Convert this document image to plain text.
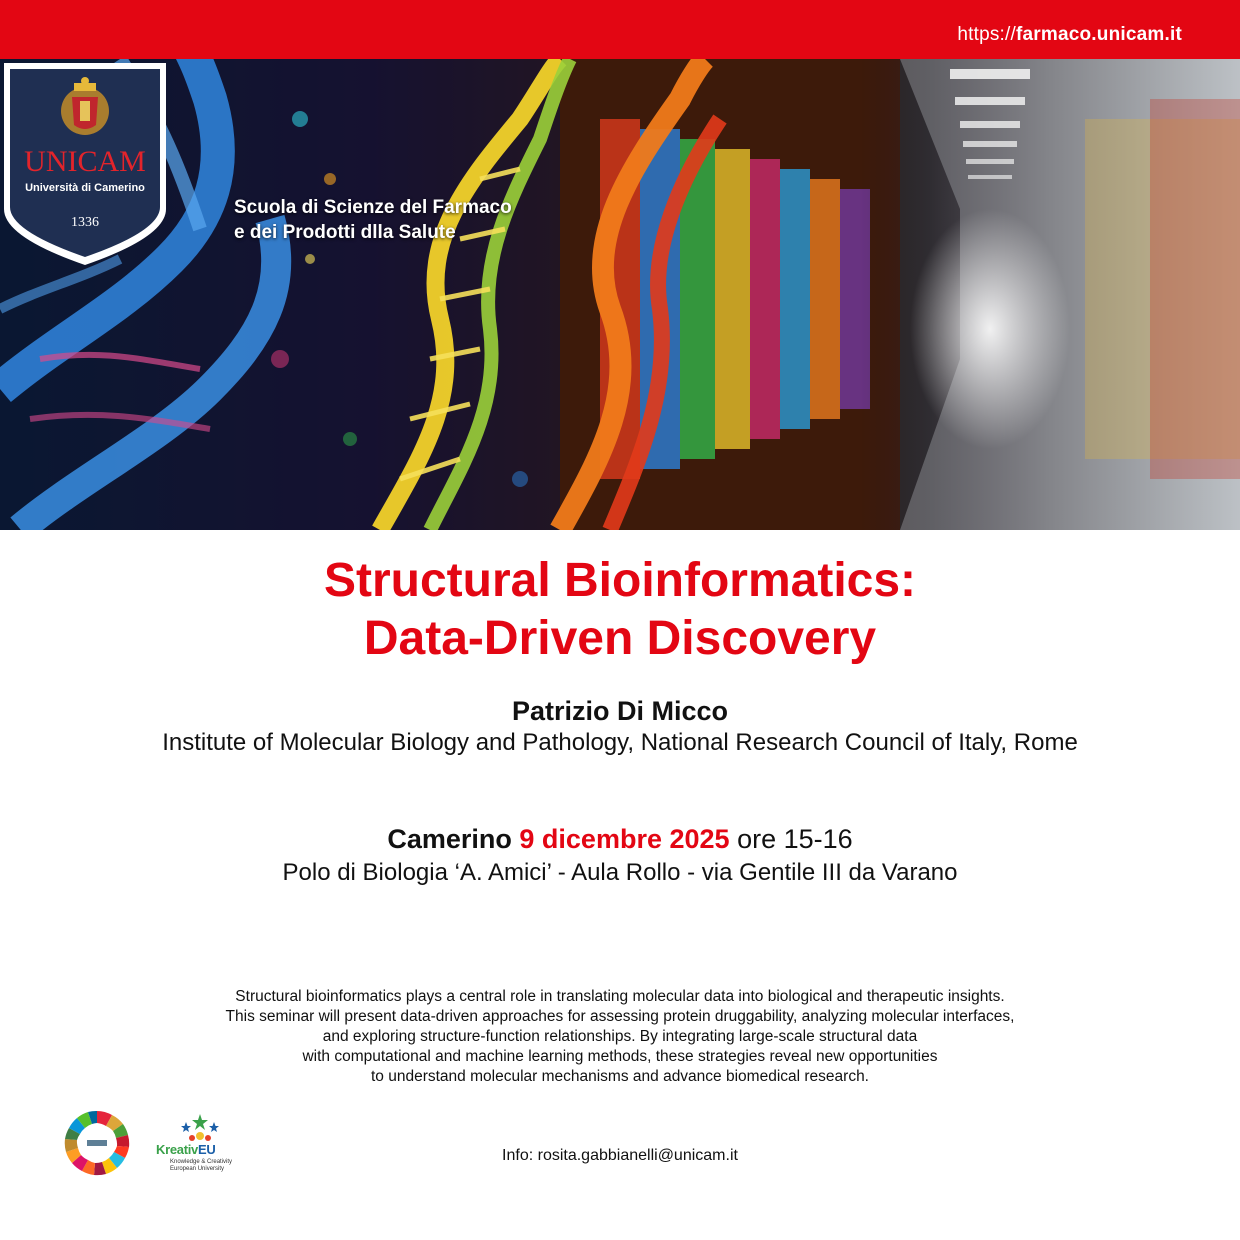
https://farmaco.unicam.it
UNICAM
Università di Camerino
1336
Scuola di Scienze del Farmaco
e dei Prodotti dlla Salute
Structural Bioinformatics:
Data-Driven Discovery
Patrizio Di Micco
Institute of Molecular Biology and Pathology, National Research Council of Italy, Rome
Camerino 9 dicembre 2025 ore 15-16
Polo di Biologia ‘A. Amici’ - Aula Rollo - via Gentile III da Varano
Structural bioinformatics plays a central role in translating molecular data into biological and therapeutic insights.
This seminar will present data-driven approaches for assessing protein druggability, analyzing molecular interfaces,
and exploring structure-function relationships. By integrating large-scale structural data
with computational and machine learning methods, these strategies reveal new opportunities
to understand molecular mechanisms and advance biomedical research.
KreativEU
Knowledge & Creativity
European University
Info: rosita.gabbianelli@unicam.it
